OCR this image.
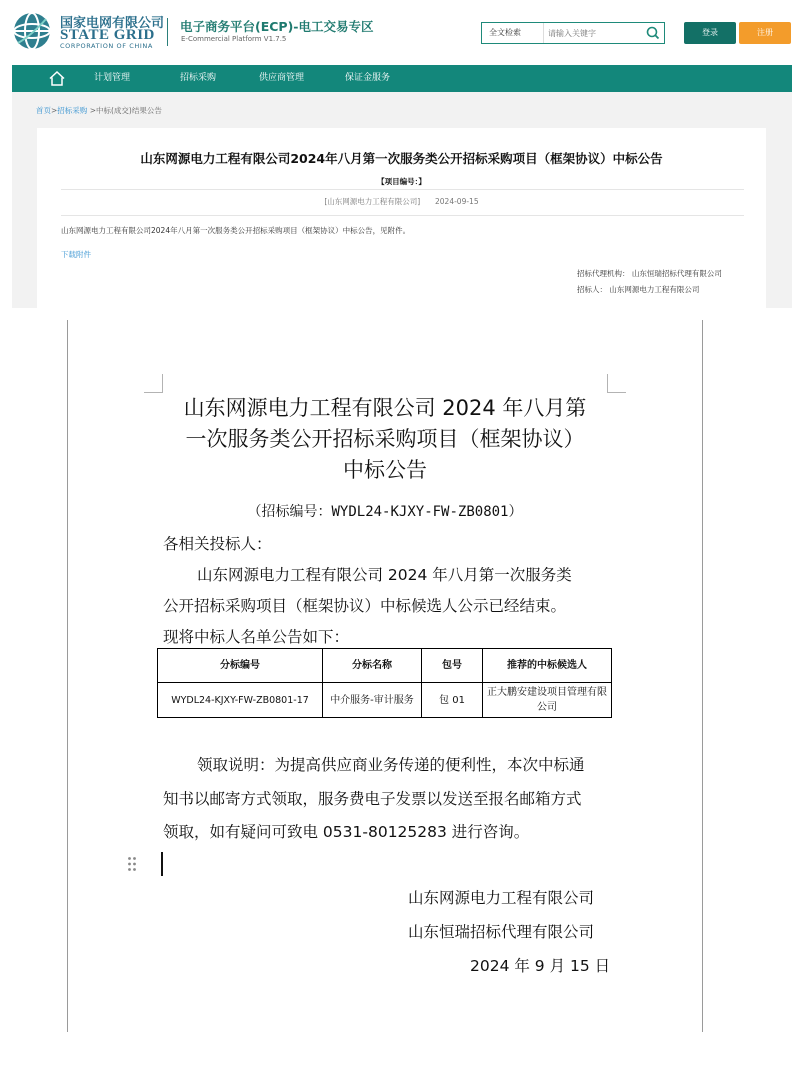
国家电网有限公司
STATE GRID
CORPORATION OF CHINA
电子商务平台(ECP)-电工交易专区
E-Commercial Platform V1.7.5
全文检索
请输入关键字	登录	注册
计划管理	招标采购	供应商管理	保证金服务
首页>招标采购 >中标(成交)结果公告
山东网源电力工程有限公司2024年八月第一次服务类公开招标采购项目（框架协议）中标公告
【项目编号：】
[山东网源电力工程有限公司] 2024-09-15
山东网源电力工程有限公司2024年八月第一次服务类公开招标采购项目（框架协议）中标公告，见附件。
下载附件
招标代理机构： 山东恒瑞招标代理有限公司
招标人： 山东网源电力工程有限公司
山东网源电力工程有限公司 2024 年八月第
一次服务类公开招标采购项目（框架协议）
中标公告
（招标编号：WYDL24-KJXY-FW-ZB0801）
各相关投标人：
山东网源电力工程有限公司 2024 年八月第一次服务类
公开招标采购项目（框架协议）中标候选人公示已经结束。
现将中标人名单公告如下：
分标编号	分标名称	包号	推荐的中标候选人
WYDL24-KJXY-FW-ZB0801-17	中介服务-审计服务	包 01	正大鹏安建设项目管理有限公司
领取说明：为提高供应商业务传递的便利性，本次中标通
知书以邮寄方式领取，服务费电子发票以发送至报名邮箱方式
领取，如有疑问可致电 0531-80125283 进行咨询。
山东网源电力工程有限公司
山东恒瑞招标代理有限公司
2024 年 9 月 15 日
